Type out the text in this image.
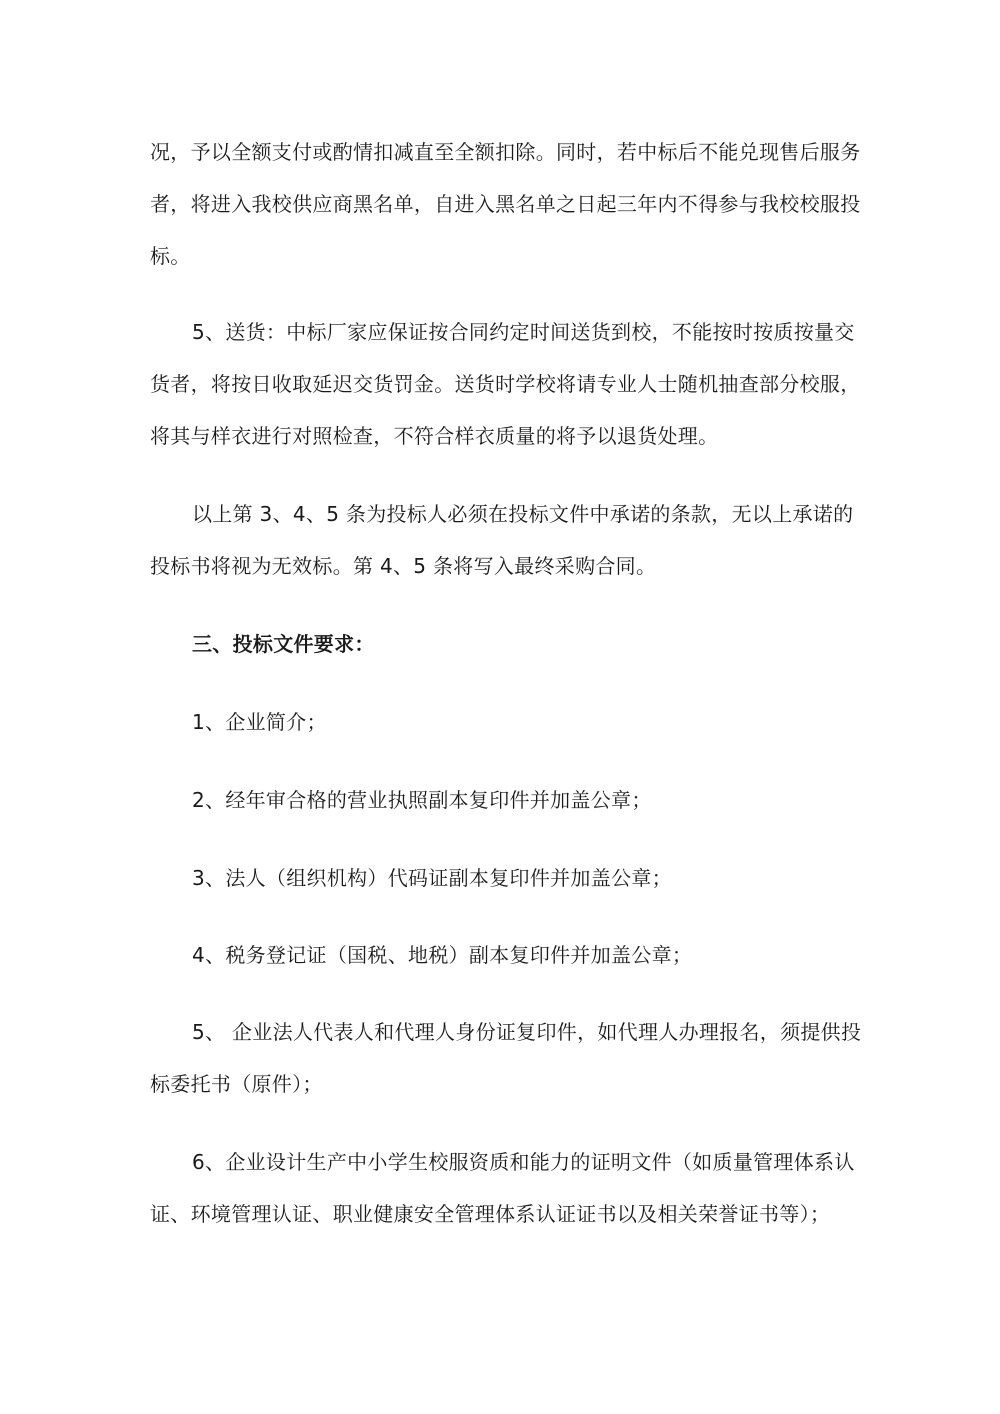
况，予以全额支付或酌情扣减直至全额扣除。同时，若中标后不能兑现售后服务
者，将进入我校供应商黑名单，自进入黑名单之日起三年内不得参与我校校服投
标。
5、送货：中标厂家应保证按合同约定时间送货到校，不能按时按质按量交
货者，将按日收取延迟交货罚金。送货时学校将请专业人士随机抽查部分校服，
将其与样衣进行对照检查，不符合样衣质量的将予以退货处理。
以上第 3、4、5 条为投标人必须在投标文件中承诺的条款，无以上承诺的
投标书将视为无效标。第 4、5 条将写入最终采购合同。
三、投标文件要求：
1、企业简介；
2、经年审合格的营业执照副本复印件并加盖公章；
3、法人（组织机构）代码证副本复印件并加盖公章；
4、税务登记证（国税、地税）副本复印件并加盖公章；
5、 企业法人代表人和代理人身份证复印件，如代理人办理报名，须提供投
标委托书（原件）；
6、企业设计生产中小学生校服资质和能力的证明文件（如质量管理体系认
证、环境管理认证、职业健康安全管理体系认证证书以及相关荣誉证书等）；
